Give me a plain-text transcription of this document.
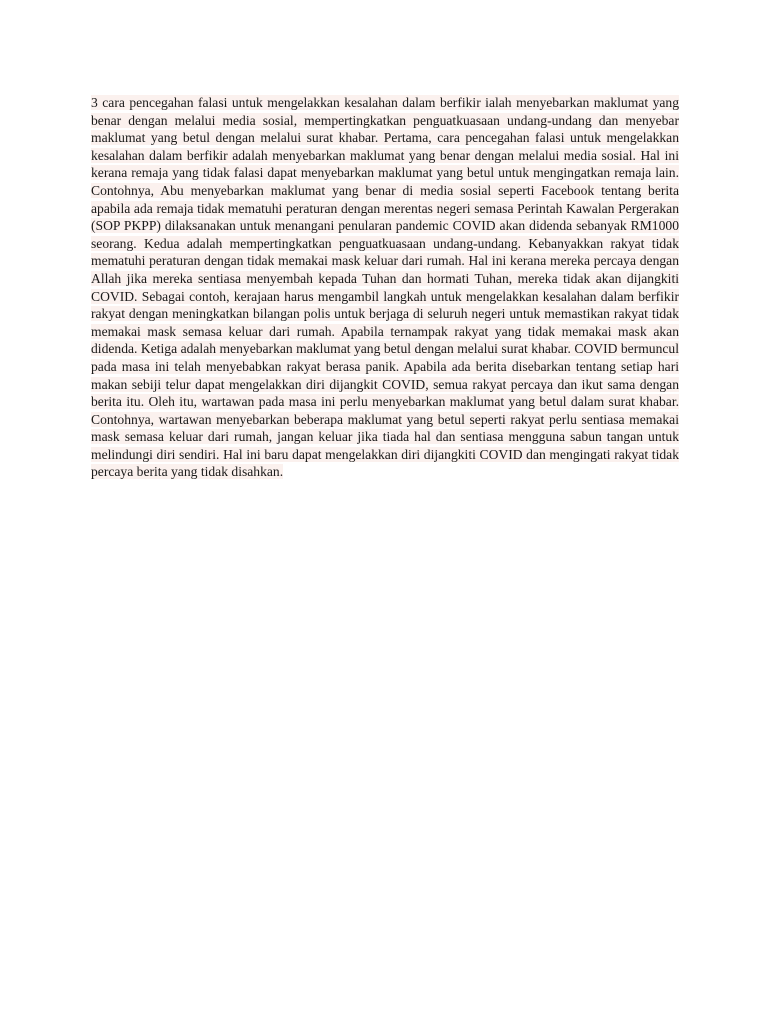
3 cara pencegahan falasi untuk mengelakkan kesalahan dalam berfikir ialah menyebarkan maklumat yang benar dengan melalui media sosial, mempertingkatkan penguatkuasaan undang-undang dan menyebar maklumat yang betul dengan melalui surat khabar. Pertama, cara pencegahan falasi untuk mengelakkan kesalahan dalam berfikir adalah menyebarkan maklumat yang benar dengan melalui media sosial. Hal ini kerana remaja yang tidak falasi dapat menyebarkan maklumat yang betul untuk mengingatkan remaja lain. Contohnya, Abu menyebarkan maklumat yang benar di media sosial seperti Facebook tentang berita apabila ada remaja tidak mematuhi peraturan dengan merentas negeri semasa Perintah Kawalan Pergerakan (SOP PKPP) dilaksanakan untuk menangani penularan pandemic COVID akan didenda sebanyak RM1000 seorang. Kedua adalah mempertingkatkan penguatkuasaan undang-undang. Kebanyakkan rakyat tidak mematuhi peraturan dengan tidak memakai mask keluar dari rumah. Hal ini kerana mereka percaya dengan Allah jika mereka sentiasa menyembah kepada Tuhan dan hormati Tuhan, mereka tidak akan dijangkiti COVID. Sebagai contoh, kerajaan harus mengambil langkah untuk mengelakkan kesalahan dalam berfikir rakyat dengan meningkatkan bilangan polis untuk berjaga di seluruh negeri untuk memastikan rakyat tidak memakai mask semasa keluar dari rumah. Apabila ternampak rakyat yang tidak memakai mask akan didenda. Ketiga adalah menyebarkan maklumat yang betul dengan melalui surat khabar. COVID bermuncul pada masa ini telah menyebabkan rakyat berasa panik. Apabila ada berita disebarkan tentang setiap hari makan sebiji telur dapat mengelakkan diri dijangkit COVID, semua rakyat percaya dan ikut sama dengan berita itu. Oleh itu, wartawan pada masa ini perlu menyebarkan maklumat yang betul dalam surat khabar. Contohnya, wartawan menyebarkan beberapa maklumat yang betul seperti rakyat perlu sentiasa memakai mask semasa keluar dari rumah, jangan keluar jika tiada hal dan sentiasa mengguna sabun tangan untuk melindungi diri sendiri. Hal ini baru dapat mengelakkan diri dijangkiti COVID dan mengingati rakyat tidak percaya berita yang tidak disahkan.
